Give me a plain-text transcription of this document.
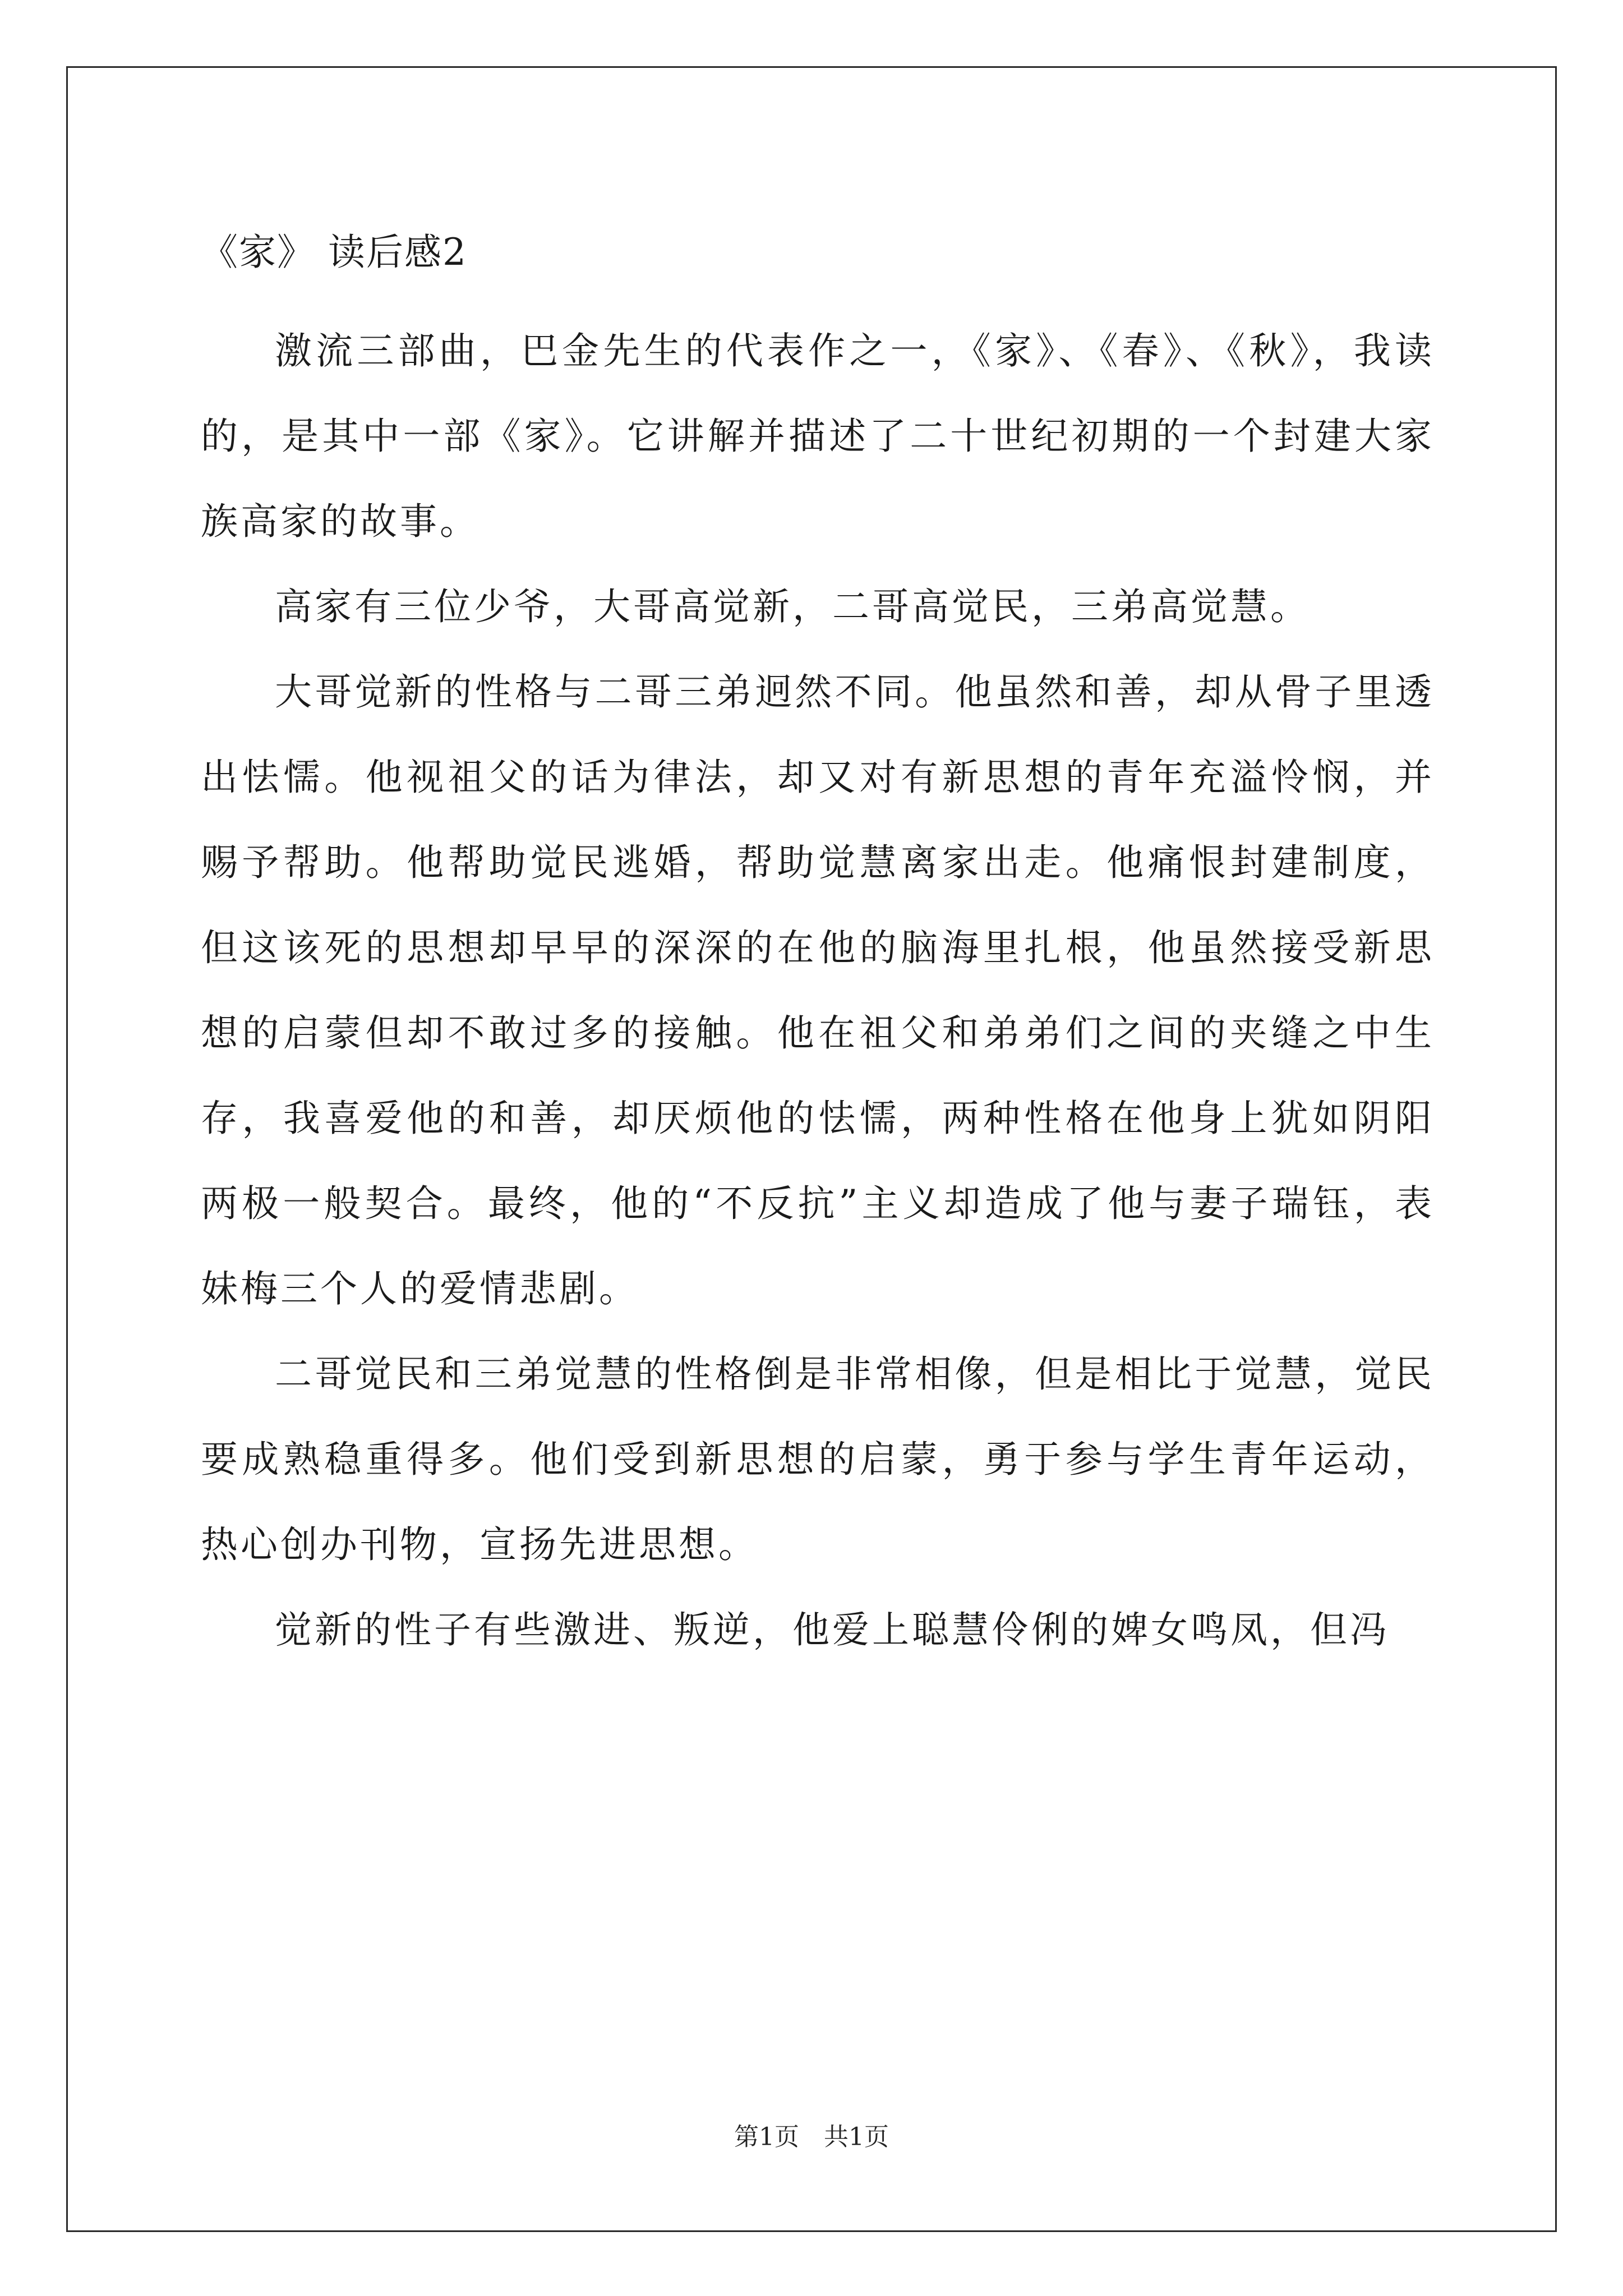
《家》 读后感2

激流三部曲，巴金先生的代表作之一，《家》、《春》、《秋》，我读的，是其中一部《家》。它讲解并描述了二十世纪初期的一个封建大家族高家的故事。

高家有三位少爷，大哥高觉新，二哥高觉民，三弟高觉慧。

大哥觉新的性格与二哥三弟迥然不同。他虽然和善，却从骨子里透出怯懦。他视祖父的话为律法，却又对有新思想的青年充溢怜悯，并赐予帮助。他帮助觉民逃婚，帮助觉慧离家出走。他痛恨封建制度，但这该死的思想却早早的深深的在他的脑海里扎根，他虽然接受新思想的启蒙但却不敢过多的接触。他在祖父和弟弟们之间的夹缝之中生存，我喜爱他的和善，却厌烦他的怯懦，两种性格在他身上犹如阴阳两极一般契合。最终，他的“不反抗”主义却造成了他与妻子瑞钰，表妹梅三个人的爱情悲剧。

二哥觉民和三弟觉慧的性格倒是非常相像，但是相比于觉慧，觉民要成熟稳重得多。他们受到新思想的启蒙，勇于参与学生青年运动，热心创办刊物，宣扬先进思想。

觉新的性子有些激进、叛逆，他爱上聪慧伶俐的婢女鸣凤，但冯

第1页　共1页
